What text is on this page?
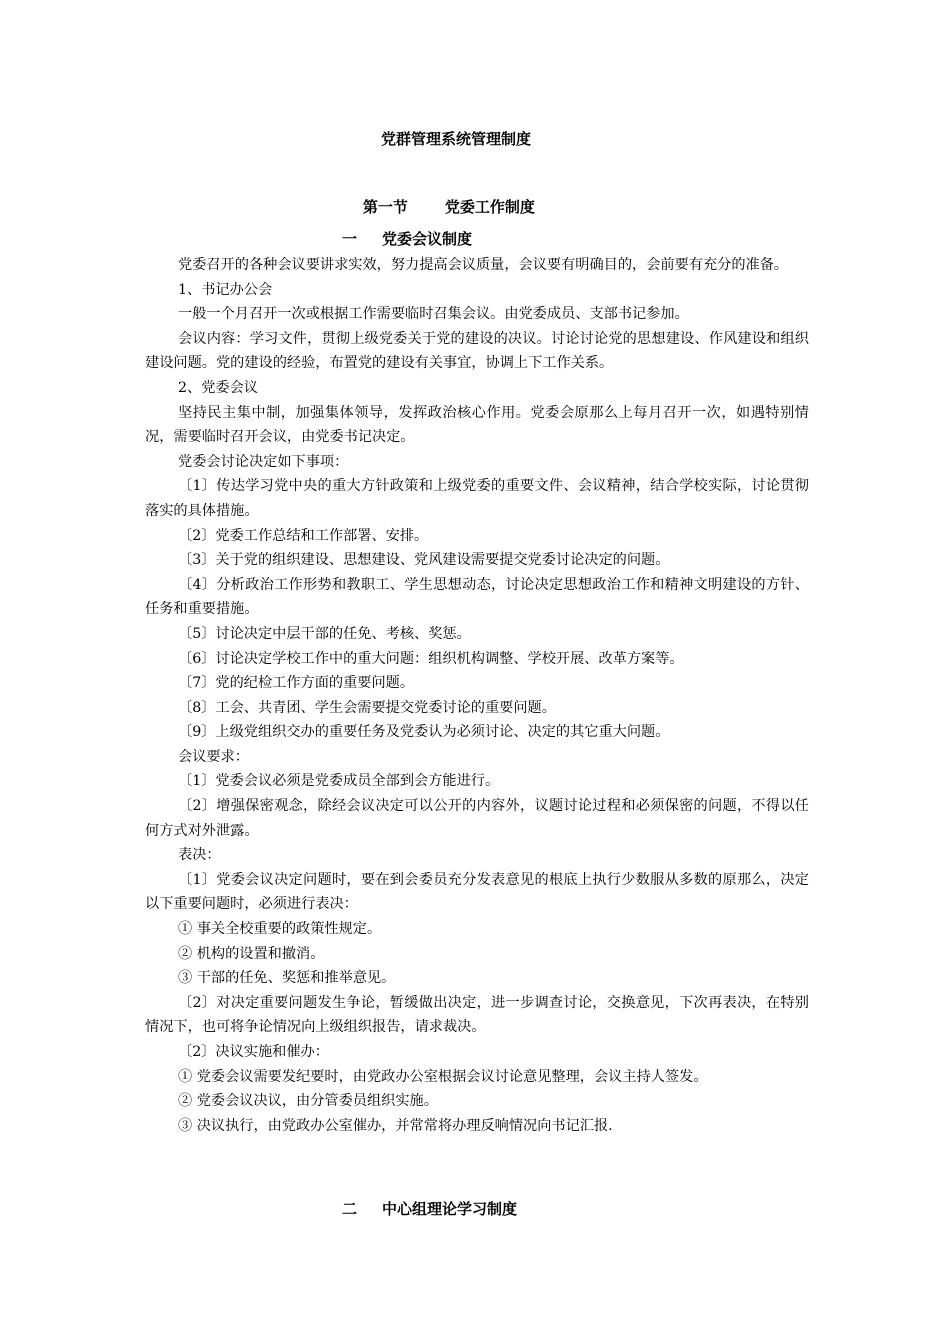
党群管理系统管理制度

第一节 党委工作制度

一 党委会议制度

党委召开的各种会议要讲求实效，努力提高会议质量，会议要有明确目的，会前要有充分的准备。

1、书记办公会

一般一个月召开一次或根据工作需要临时召集会议。由党委成员、支部书记参加。

会议内容：学习文件，贯彻上级党委关于党的建设的决议。讨论讨论党的思想建设、作风建设和组织建设问题。党的建设的经验，布置党的建设有关事宜，协调上下工作关系。

2、党委会议

坚持民主集中制，加强集体领导，发挥政治核心作用。党委会原那么上每月召开一次，如遇特别情况，需要临时召开会议，由党委书记决定。

党委会讨论决定如下事项：

〔1〕传达学习党中央的重大方针政策和上级党委的重要文件、会议精神，结合学校实际，讨论贯彻落实的具体措施。

〔2〕党委工作总结和工作部署、安排。

〔3〕关于党的组织建设、思想建设、党风建设需要提交党委讨论决定的问题。

〔4〕分析政治工作形势和教职工、学生思想动态，讨论决定思想政治工作和精神文明建设的方针、任务和重要措施。

〔5〕讨论决定中层干部的任免、考核、奖惩。

〔6〕讨论决定学校工作中的重大问题：组织机构调整、学校开展、改革方案等。

〔7〕党的纪检工作方面的重要问题。

〔8〕工会、共青团、学生会需要提交党委讨论的重要问题。

〔9〕上级党组织交办的重要任务及党委认为必须讨论、决定的其它重大问题。

会议要求：

〔1〕党委会议必须是党委成员全部到会方能进行。

〔2〕增强保密观念，除经会议决定可以公开的内容外，议题讨论过程和必须保密的问题，不得以任何方式对外泄露。

表决：

〔1〕党委会议决定问题时，要在到会委员充分发表意见的根底上执行少数服从多数的原那么，决定以下重要问题时，必须进行表决：

① 事关全校重要的政策性规定。

② 机构的设置和撤消。

③ 干部的任免、奖惩和推举意见。

〔2〕对决定重要问题发生争论，暂缓做出决定，进一步调查讨论，交换意见，下次再表决，在特别情况下，也可将争论情况向上级组织报告，请求裁决。

〔2〕决议实施和催办：

① 党委会议需要发纪要时，由党政办公室根据会议讨论意见整理，会议主持人签发。

② 党委会议决议，由分管委员组织实施。

③ 决议执行，由党政办公室催办，并常常将办理反响情况向书记汇报.

二 中心组理论学习制度
